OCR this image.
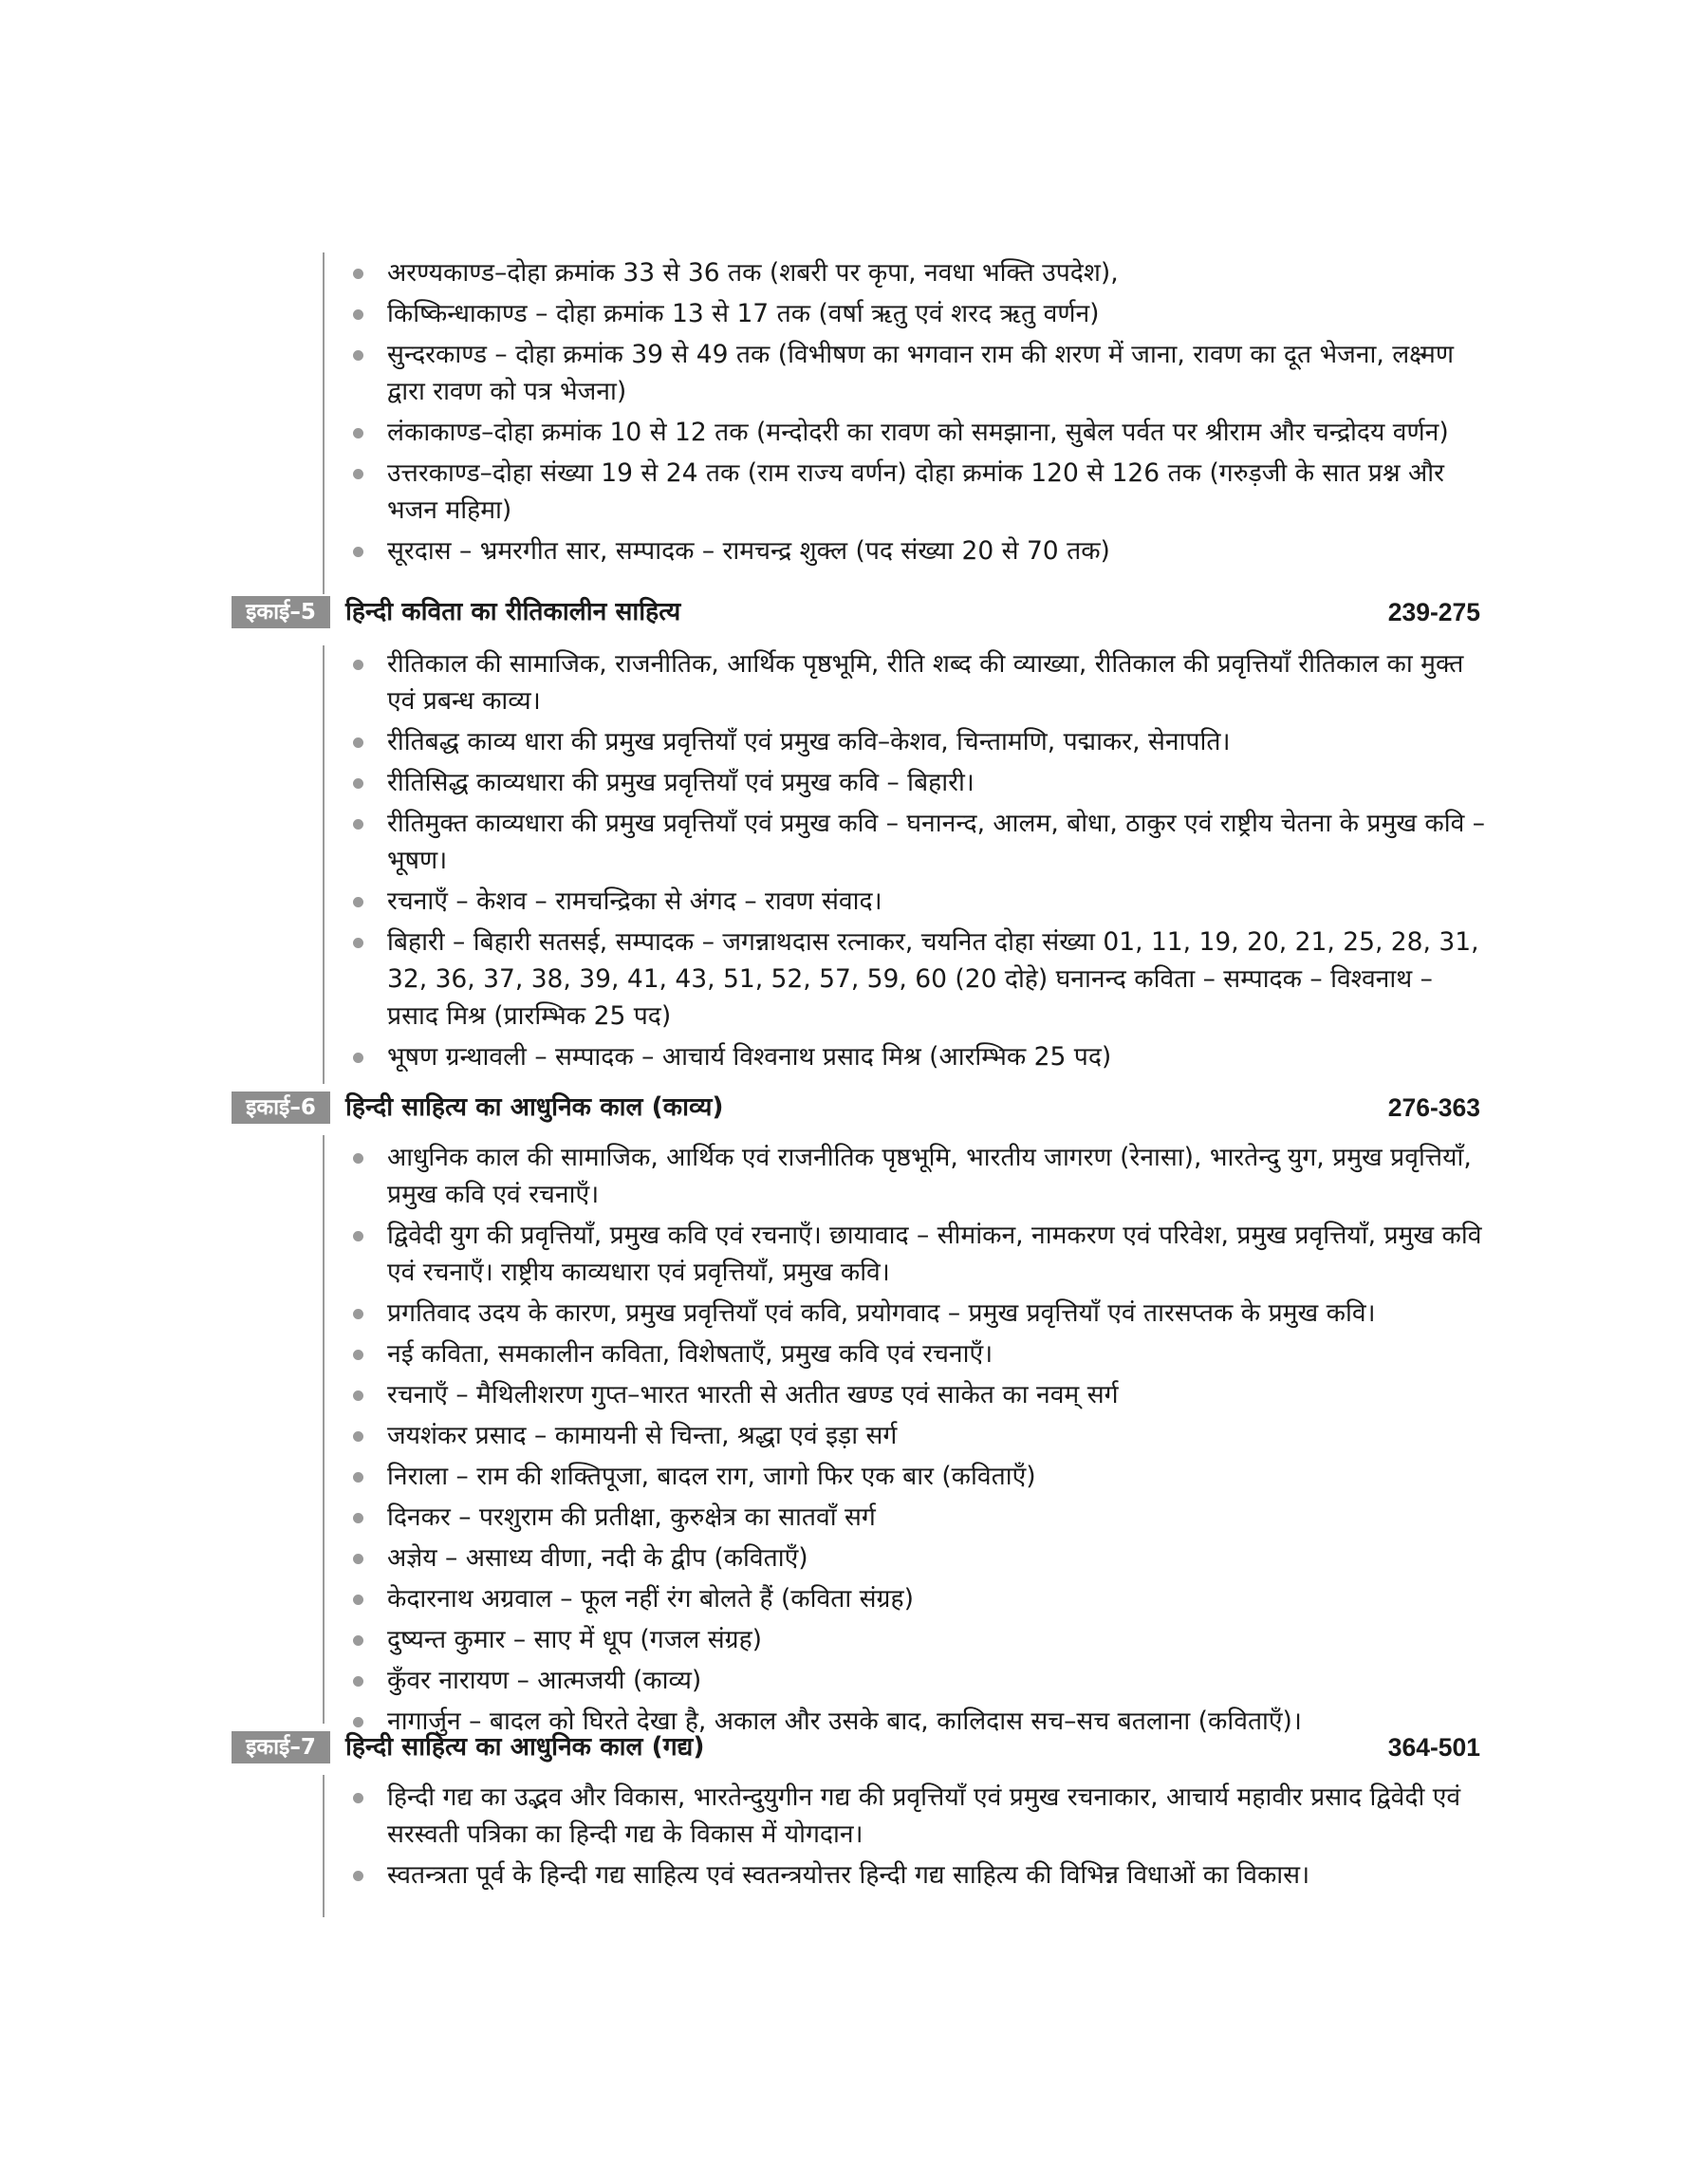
अरण्यकाण्ड–दोहा क्रमांक 33 से 36 तक (शबरी पर कृपा, नवधा भक्ति उपदेश),
किष्किन्धाकाण्ड – दोहा क्रमांक 13 से 17 तक (वर्षा ऋतु एवं शरद ऋतु वर्णन)
सुन्दरकाण्ड – दोहा क्रमांक 39 से 49 तक (विभीषण का भगवान राम की शरण में जाना, रावण का दूत भेजना, लक्ष्मण द्वारा रावण को पत्र भेजना)
लंकाकाण्ड–दोहा क्रमांक 10 से 12 तक (मन्दोदरी का रावण को समझाना, सुबेल पर्वत पर श्रीराम और चन्द्रोदय वर्णन)
उत्तरकाण्ड–दोहा संख्या 19 से 24 तक (राम राज्य वर्णन) दोहा क्रमांक 120 से 126 तक (गरुड़जी के सात प्रश्न और भजन महिमा)
सूरदास – भ्रमरगीत सार, सम्पादक – रामचन्द्र शुक्ल (पद संख्या 20 से 70 तक)
इकाई–5	हिन्दी कविता का रीतिकालीन साहित्य	239-275
रीतिकाल की सामाजिक, राजनीतिक, आर्थिक पृष्ठभूमि, रीति शब्द की व्याख्या, रीतिकाल की प्रवृत्तियाँ रीतिकाल का मुक्त एवं प्रबन्ध काव्य।
रीतिबद्ध काव्य धारा की प्रमुख प्रवृत्तियाँ एवं प्रमुख कवि–केशव, चिन्तामणि, पद्माकर, सेनापति।
रीतिसिद्ध काव्यधारा की प्रमुख प्रवृत्तियाँ एवं प्रमुख कवि – बिहारी।
रीतिमुक्त काव्यधारा की प्रमुख प्रवृत्तियाँ एवं प्रमुख कवि – घनानन्द, आलम, बोधा, ठाकुर एवं राष्ट्रीय चेतना के प्रमुख कवि – भूषण।
रचनाएँ – केशव – रामचन्द्रिका से अंगद – रावण संवाद।
बिहारी – बिहारी सतसई, सम्पादक – जगन्नाथदास रत्नाकर, चयनित दोहा संख्या 01, 11, 19, 20, 21, 25, 28, 31, 32, 36, 37, 38, 39, 41, 43, 51, 52, 57, 59, 60 (20 दोहे) घनानन्द कविता – सम्पादक – विश्वनाथ – प्रसाद मिश्र (प्रारम्भिक 25 पद)
भूषण ग्रन्थावली – सम्पादक – आचार्य विश्वनाथ प्रसाद मिश्र (आरम्भिक 25 पद)
इकाई–6	हिन्दी साहित्य का आधुनिक काल (काव्य)	276-363
आधुनिक काल की सामाजिक, आर्थिक एवं राजनीतिक पृष्ठभूमि, भारतीय जागरण (रेनासा), भारतेन्दु युग, प्रमुख प्रवृत्तियाँ, प्रमुख कवि एवं रचनाएँ।
द्विवेदी युग की प्रवृत्तियाँ, प्रमुख कवि एवं रचनाएँ। छायावाद – सीमांकन, नामकरण एवं परिवेश, प्रमुख प्रवृत्तियाँ, प्रमुख कवि एवं रचनाएँ। राष्ट्रीय काव्यधारा एवं प्रवृत्तियाँ, प्रमुख कवि।
प्रगतिवाद उदय के कारण, प्रमुख प्रवृत्तियाँ एवं कवि, प्रयोगवाद – प्रमुख प्रवृत्तियाँ एवं तारसप्तक के प्रमुख कवि।
नई कविता, समकालीन कविता, विशेषताएँ, प्रमुख कवि एवं रचनाएँ।
रचनाएँ – मैथिलीशरण गुप्त–भारत भारती से अतीत खण्ड एवं साकेत का नवम् सर्ग
जयशंकर प्रसाद – कामायनी से चिन्ता, श्रद्धा एवं इड़ा सर्ग
निराला – राम की शक्तिपूजा, बादल राग, जागो फिर एक बार (कविताएँ)
दिनकर – परशुराम की प्रतीक्षा, कुरुक्षेत्र का सातवाँ सर्ग
अज्ञेय – असाध्य वीणा, नदी के द्वीप (कविताएँ)
केदारनाथ अग्रवाल – फूल नहीं रंग बोलते हैं (कविता संग्रह)
दुष्यन्त कुमार – साए में धूप (गजल संग्रह)
कुँवर नारायण – आत्मजयी (काव्य)
नागार्जुन – बादल को घिरते देखा है, अकाल और उसके बाद, कालिदास सच–सच बतलाना (कविताएँ)।
इकाई–7	हिन्दी साहित्य का आधुनिक काल (गद्य)	364-501
हिन्दी गद्य का उद्भव और विकास, भारतेन्दुयुगीन गद्य की प्रवृत्तियाँ एवं प्रमुख रचनाकार, आचार्य महावीर प्रसाद द्विवेदी एवं सरस्वती पत्रिका का हिन्दी गद्य के विकास में योगदान।
स्वतन्त्रता पूर्व के हिन्दी गद्य साहित्य एवं स्वतन्त्रयोत्तर हिन्दी गद्य साहित्य की विभिन्न विधाओं का विकास।
